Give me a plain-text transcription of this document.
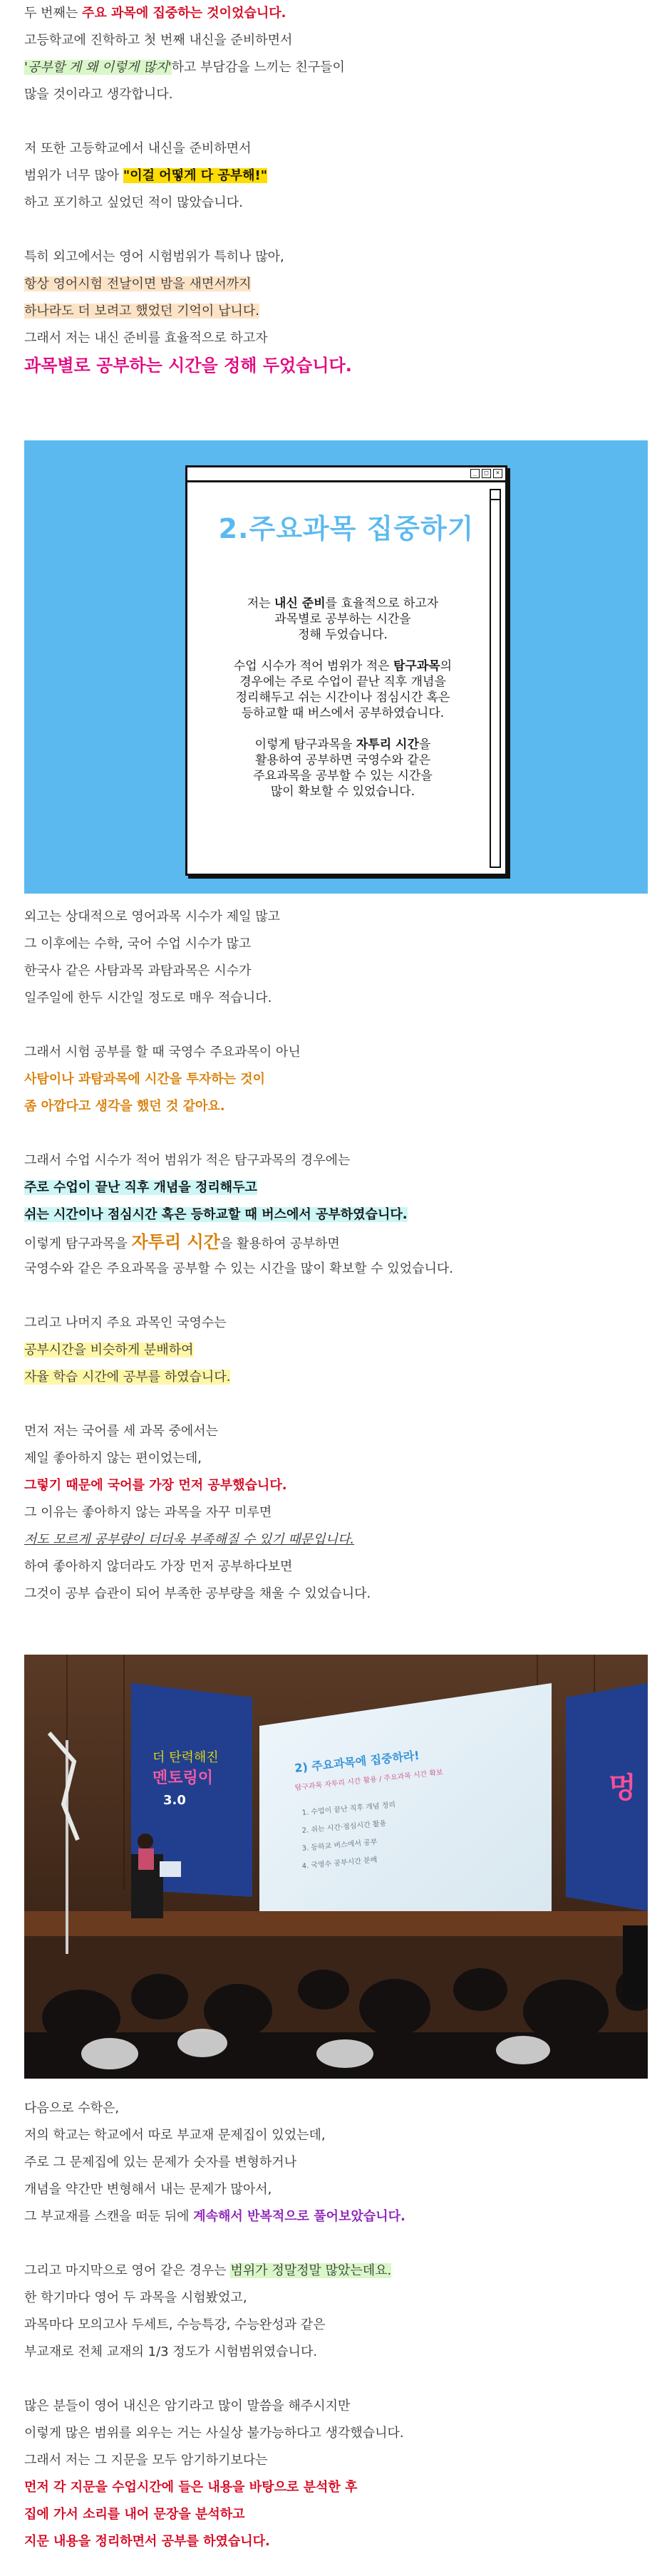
두 번째는 주요 과목에 집중하는 것이었습니다.

고등학교에 진학하고 첫 번째 내신을 준비하면서

'공부할 게 왜 이렇게 많지'하고 부담감을 느끼는 친구들이

많을 것이라고 생각합니다.

저 또한 고등학교에서 내신을 준비하면서

범위가 너무 많아 "이걸 어떻게 다 공부해!"

하고 포기하고 싶었던 적이 많았습니다.

특히 외고에서는 영어 시험범위가 특히나 많아,

항상 영어시험 전날이면 밤을 새면서까지

하나라도 더 보려고 했었던 기억이 납니다.

그래서 저는 내신 준비를 효율적으로 하고자

과목별로 공부하는 시간을 정해 두었습니다.

_	□	×
2.주요과목 집중하기
저는 내신 준비를 효율적으로 하고자
과목별로 공부하는 시간을
정해 두었습니다.
수업 시수가 적어 범위가 적은 탐구과목의
경우에는 주로 수업이 끝난 직후 개념을
정리해두고 쉬는 시간이나 점심시간 혹은
등하교할 때 버스에서 공부하였습니다.
이렇게 탐구과목을 자투리 시간을
활용하여 공부하면 국영수와 같은
주요과목을 공부할 수 있는 시간을
많이 확보할 수 있었습니다.

외고는 상대적으로 영어과목 시수가 제일 많고

그 이후에는 수학, 국어 수업 시수가 많고

한국사 같은 사탐과목 과탐과목은 시수가

일주일에 한두 시간일 정도로 매우 적습니다.

그래서 시험 공부를 할 때 국영수 주요과목이 아닌

사탐이나 과탐과목에 시간을 투자하는 것이

좀 아깝다고 생각을 했던 것 같아요.

그래서 수업 시수가 적어 범위가 적은 탐구과목의 경우에는

주로 수업이 끝난 직후 개념을 정리해두고

쉬는 시간이나 점심시간 혹은 등하교할 때 버스에서 공부하였습니다.

이렇게 탐구과목을 자투리 시간을 활용하여 공부하면

국영수와 같은 주요과목을 공부할 수 있는 시간을 많이 확보할 수 있었습니다.

그리고 나머지 주요 과목인 국영수는

공부시간을 비슷하게 분배하여

자율 학습 시간에 공부를 하였습니다.

먼저 저는 국어를 세 과목 중에서는

제일 좋아하지 않는 편이었는데,

그렇기 때문에 국어를 가장 먼저 공부했습니다.

그 이유는 좋아하지 않는 과목을 자꾸 미루면

저도 모르게 공부량이 더더욱 부족해질 수 있기 때문입니다.

하여 좋아하지 않더라도 가장 먼저 공부하다보면

그것이 공부 습관이 되어 부족한 공부량을 채울 수 있었습니다.

더 탄력해진
멘토링이
3.0	멍
2) 주요과목에 집중하라!
탐구과목 자투리 시간 활용 / 주요과목 시간 확보
1. 수업이 끝난 직후 개념 정리
2. 쉬는 시간·점심시간 활용
3. 등하교 버스에서 공부
4. 국영수 공부시간 분배

다음으로 수학은,

저의 학교는 학교에서 따로 부교재 문제집이 있었는데,

주로 그 문제집에 있는 문제가 숫자를 변형하거나

개념을 약간만 변형해서 내는 문제가 많아서,

그 부교재를 스캔을 떠둔 뒤에 계속해서 반복적으로 풀어보았습니다.

그리고 마지막으로 영어 같은 경우는 범위가 정말정말 많았는데요.

한 학기마다 영어 두 과목을 시험봤었고,

과목마다 모의고사 두세트, 수능특강, 수능완성과 같은

부교재로 전체 교재의 1/3 정도가 시험범위였습니다.

많은 분들이 영어 내신은 암기라고 많이 말씀을 해주시지만

이렇게 많은 범위를 외우는 거는 사실상 불가능하다고 생각했습니다.

그래서 저는 그 지문을 모두 암기하기보다는

먼저 각 지문을 수업시간에 들은 내용을 바탕으로 분석한 후

집에 가서 소리를 내어 문장을 분석하고

지문 내용을 정리하면서 공부를 하였습니다.
